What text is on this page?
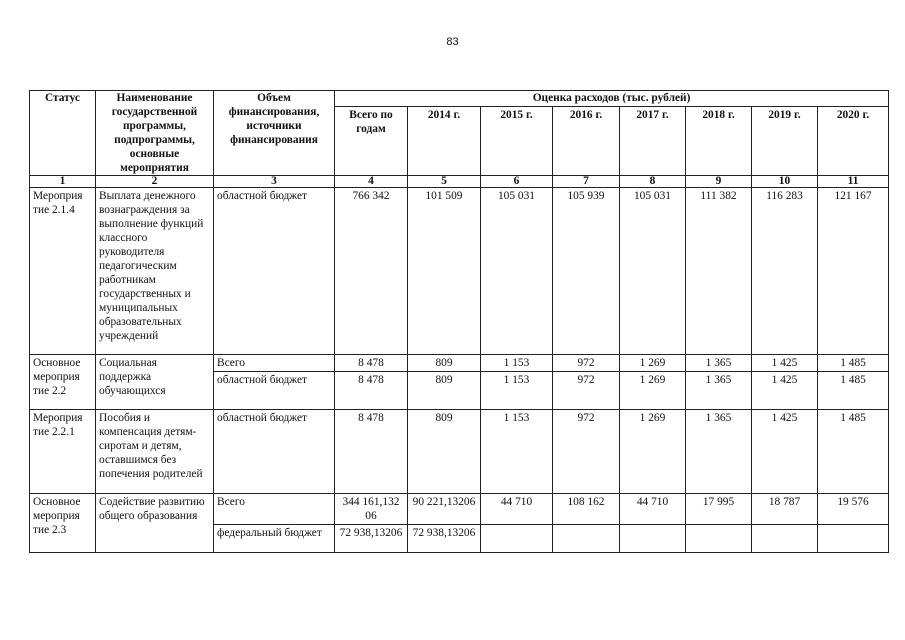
83
Статус	Наименование государственной программы, подпрограммы, основные мероприятия	Объем финансирования, источники финансирования	Оценка расходов (тыс. рублей)							
			Всего по годам	2014 г.	2015 г.	2016 г.	2017 г.	2018 г.	2019 г.	2020 г.
1	2	3	4	5	6	7	8	9	10	11
Мероприя тие 2.1.4	Выплата денежного вознаграждения за выполнение функций классного руководителя педагогическим работникам государственных и муниципальных образовательных учреждений	областной бюджет	766 342	101 509	105 031	105 939	105 031	111 382	116 283	121 167
Основное мероприя тие 2.2	Социальная поддержка обучающихся	Всего	8 478	809	1 153	972	1 269	1 365	1 425	1 485
		областной бюджет	8 478	809	1 153	972	1 269	1 365	1 425	1 485
Мероприя тие 2.2.1	Пособия и компенсация детям-сиротам и детям, оставшимся без попечения родителей	областной бюджет	8 478	809	1 153	972	1 269	1 365	1 425	1 485
Основное мероприя тие 2.3	Содействие развитию общего образования	Всего	344 161,132 06	90 221,13206	44 710	108 162	44 710	17 995	18 787	19 576
		федеральный бюджет	72 938,13206	72 938,13206						
